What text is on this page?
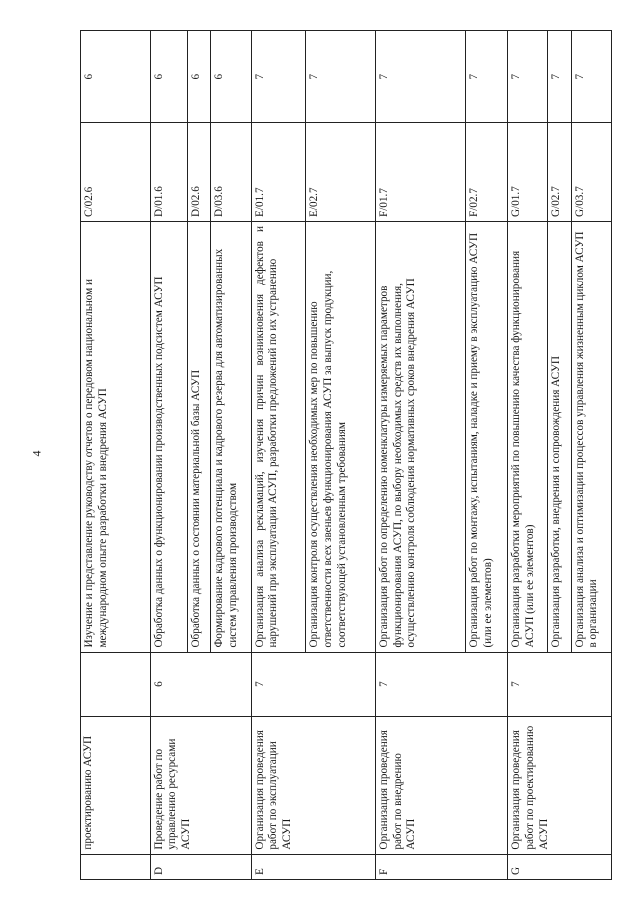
4
	проектированию АСУП		Изучение и представление руководству отчетов о передовом национальном и международном опыте разработки и внедрения АСУП	C/02.6	6
D	Проведение работ по управлению ресурсами АСУП	6	Обработка данных о функционировании производственных подсистем АСУП	D/01.6	6
			Обработка данных о состоянии материальной базы АСУП	D/02.6	6
			Формирование кадрового потенциала и кадрового резерва для автоматизированных систем управления производством	D/03.6	6
E	Организация проведения работ по эксплуатации АСУП	7	Организация анализа рекламаций, изучения причин возникновения дефектов и нарушений при эксплуатации АСУП, разработки предложений по их устранению	E/01.7	7
			Организация контроля осуществления необходимых мер по повышению ответственности всех звеньев функционирования АСУП за выпуск продукции, соответствующей установленным требованиям	E/02.7	7
F	Организация проведения работ по внедрению АСУП	7	Организация работ по определению номенклатуры измеряемых параметров функционирования АСУП, по выбору необходимых средств их выполнения, осуществлению контроля соблюдения нормативных сроков внедрения АСУП	F/01.7	7
			Организация работ по монтажу, испытаниям, наладке и приему в эксплуатацию АСУП (или ее элементов)	F/02.7	7
G	Организация проведения работ по проектированию АСУП	7	Организация разработки мероприятий по повышению качества функционирования АСУП (или ее элементов)	G/01.7	7
			Организация разработки, внедрения и сопровождения АСУП	G/02.7	7
			Организация анализа и оптимизации процессов управления жизненным циклом АСУП в организации	G/03.7	7
